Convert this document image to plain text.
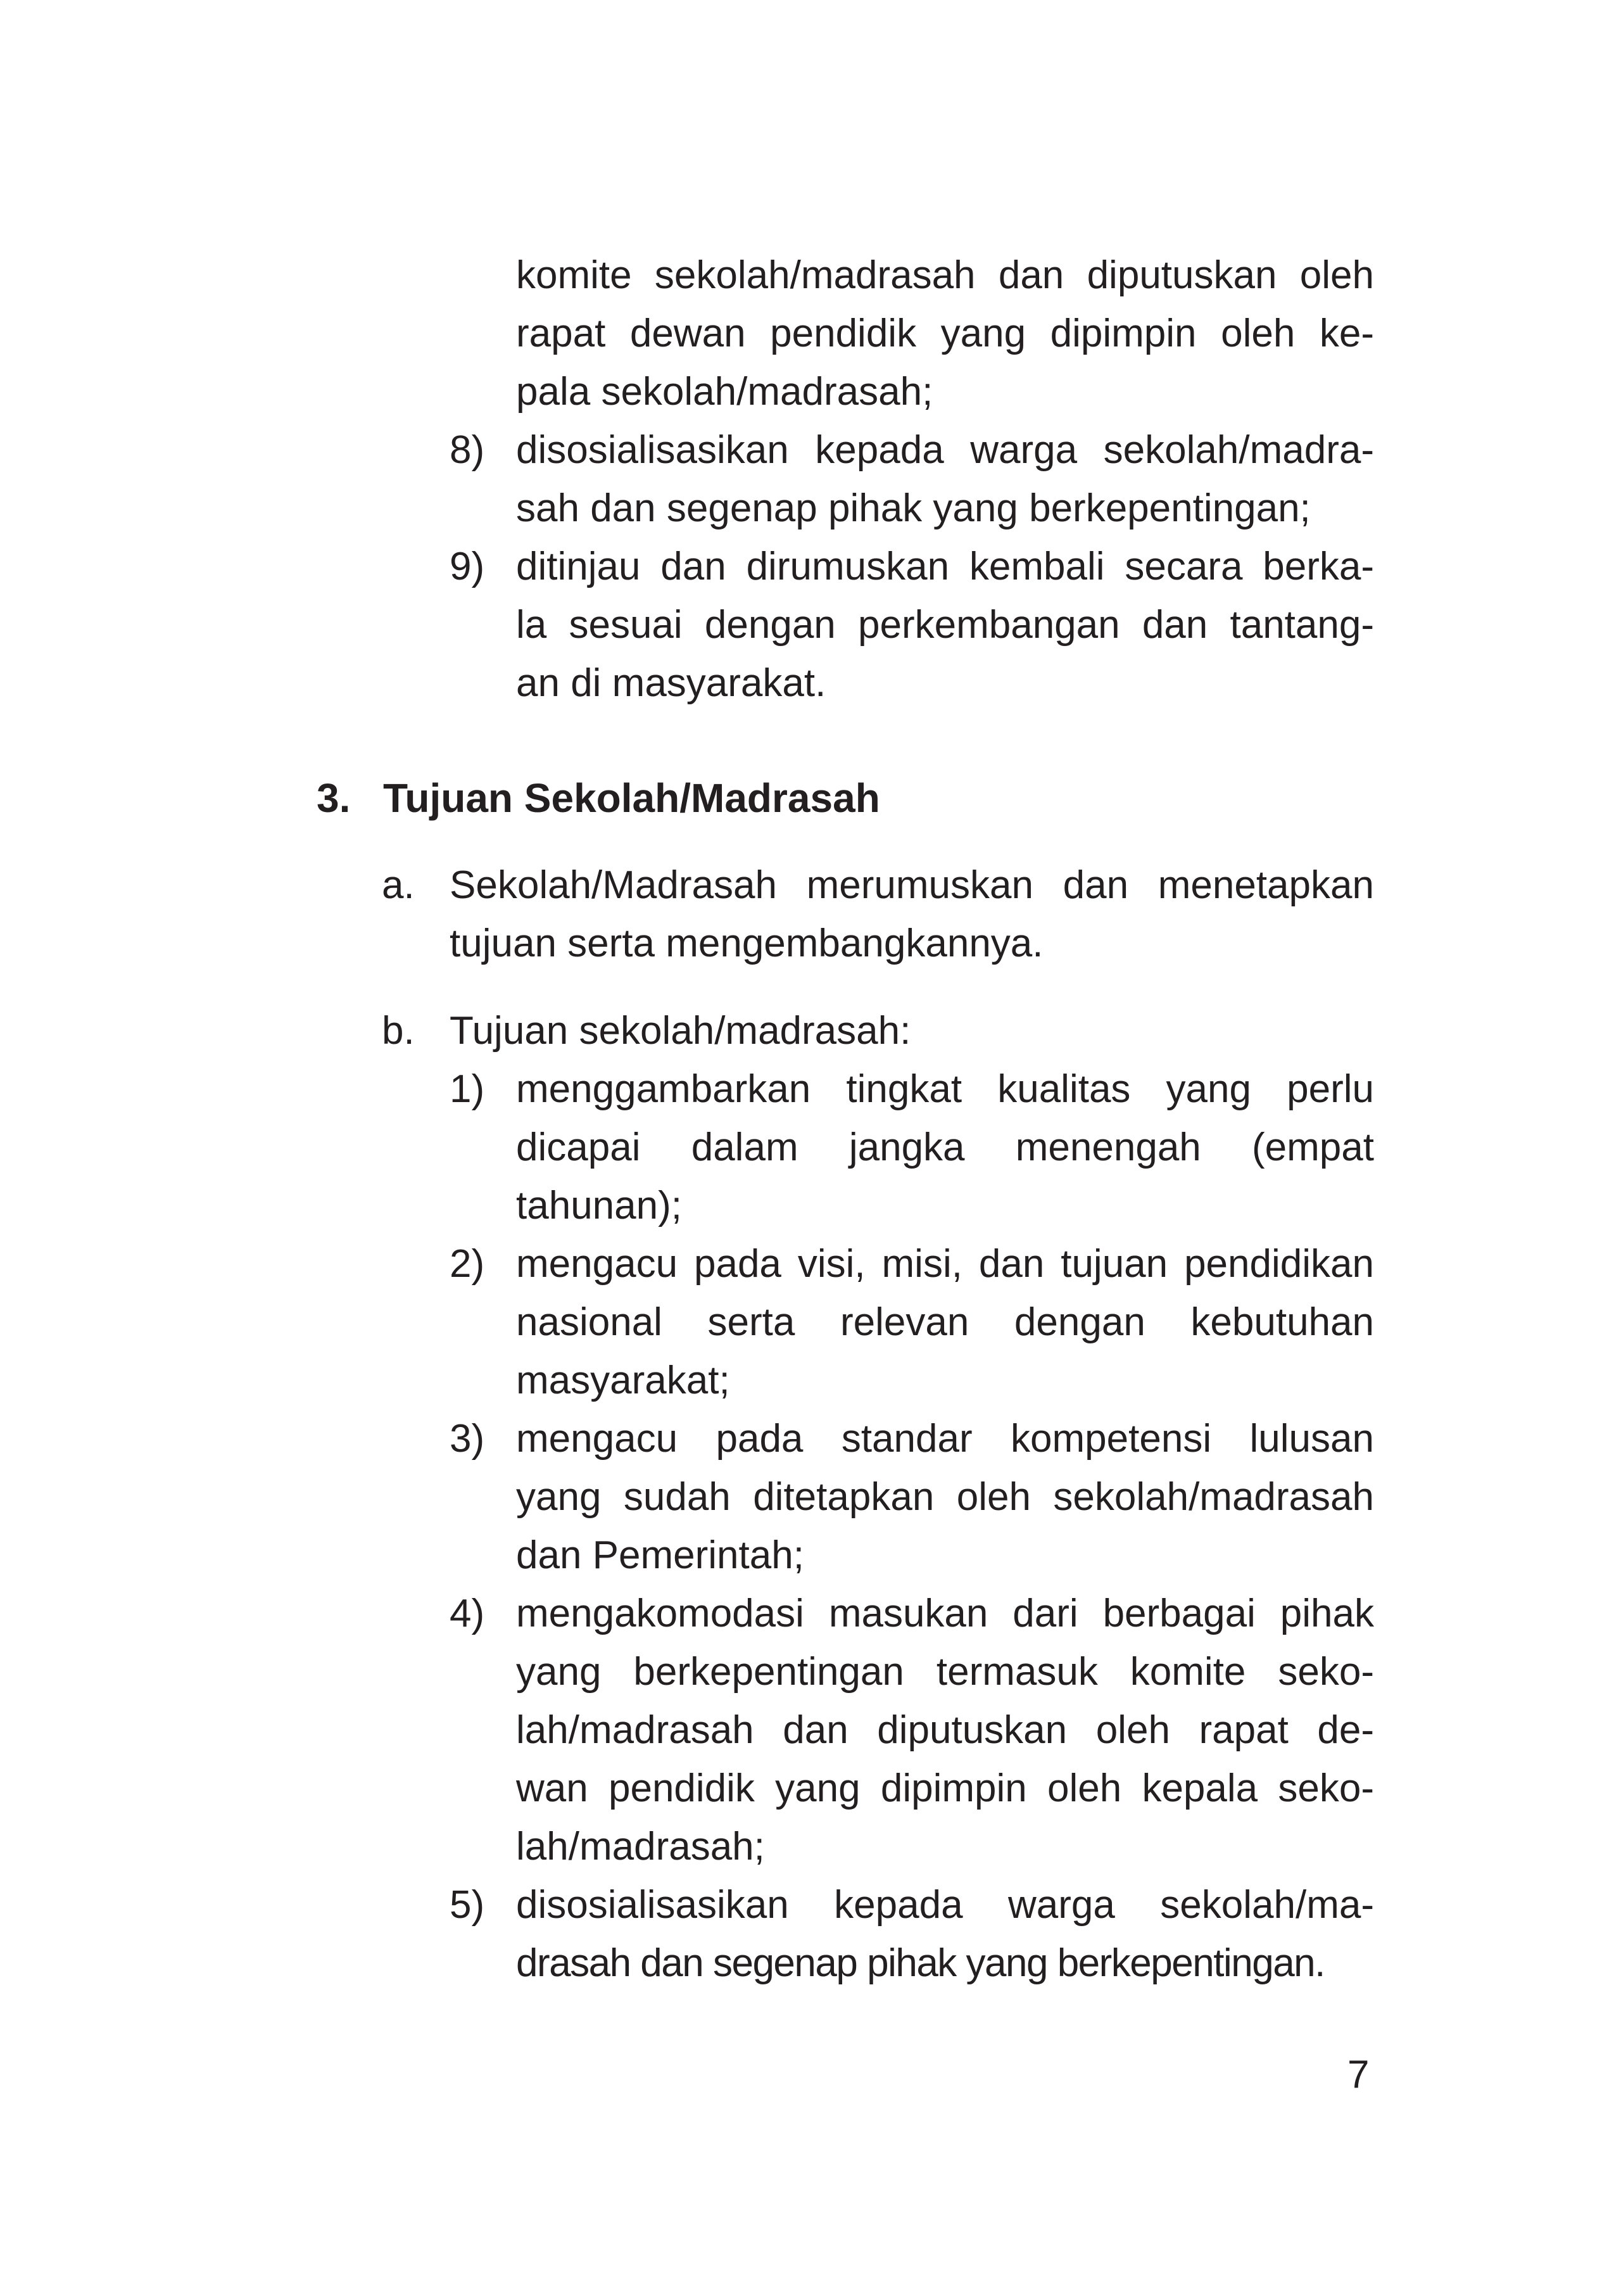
komite sekolah/madrasah dan diputuskan oleh
rapat dewan pendidik yang dipimpin oleh ke-
pala sekolah/madrasah;
8) disosialisasikan kepada warga sekolah/madra-
sah dan segenap pihak yang berkepentingan;
9) ditinjau dan dirumuskan kembali secara berka-
la sesuai dengan perkembangan dan tantang-
an di masyarakat.
3. Tujuan Sekolah/Madrasah
a. Sekolah/Madrasah merumuskan dan menetapkan
tujuan serta mengembangkannya.
b. Tujuan sekolah/madrasah:
1) menggambarkan tingkat kualitas yang perlu
dicapai dalam jangka menengah (empat
tahunan);
2) mengacu pada visi, misi, dan tujuan pendidikan
nasional serta relevan dengan kebutuhan
masyarakat;
3) mengacu pada standar kompetensi lulusan
yang sudah ditetapkan oleh sekolah/madrasah
dan Pemerintah;
4) mengakomodasi masukan dari berbagai pihak
yang berkepentingan termasuk komite seko-
lah/madrasah dan diputuskan oleh rapat de-
wan pendidik yang dipimpin oleh kepala seko-
lah/madrasah;
5) disosialisasikan kepada warga sekolah/ma-
drasah dan segenap pihak yang berkepentingan.
7
